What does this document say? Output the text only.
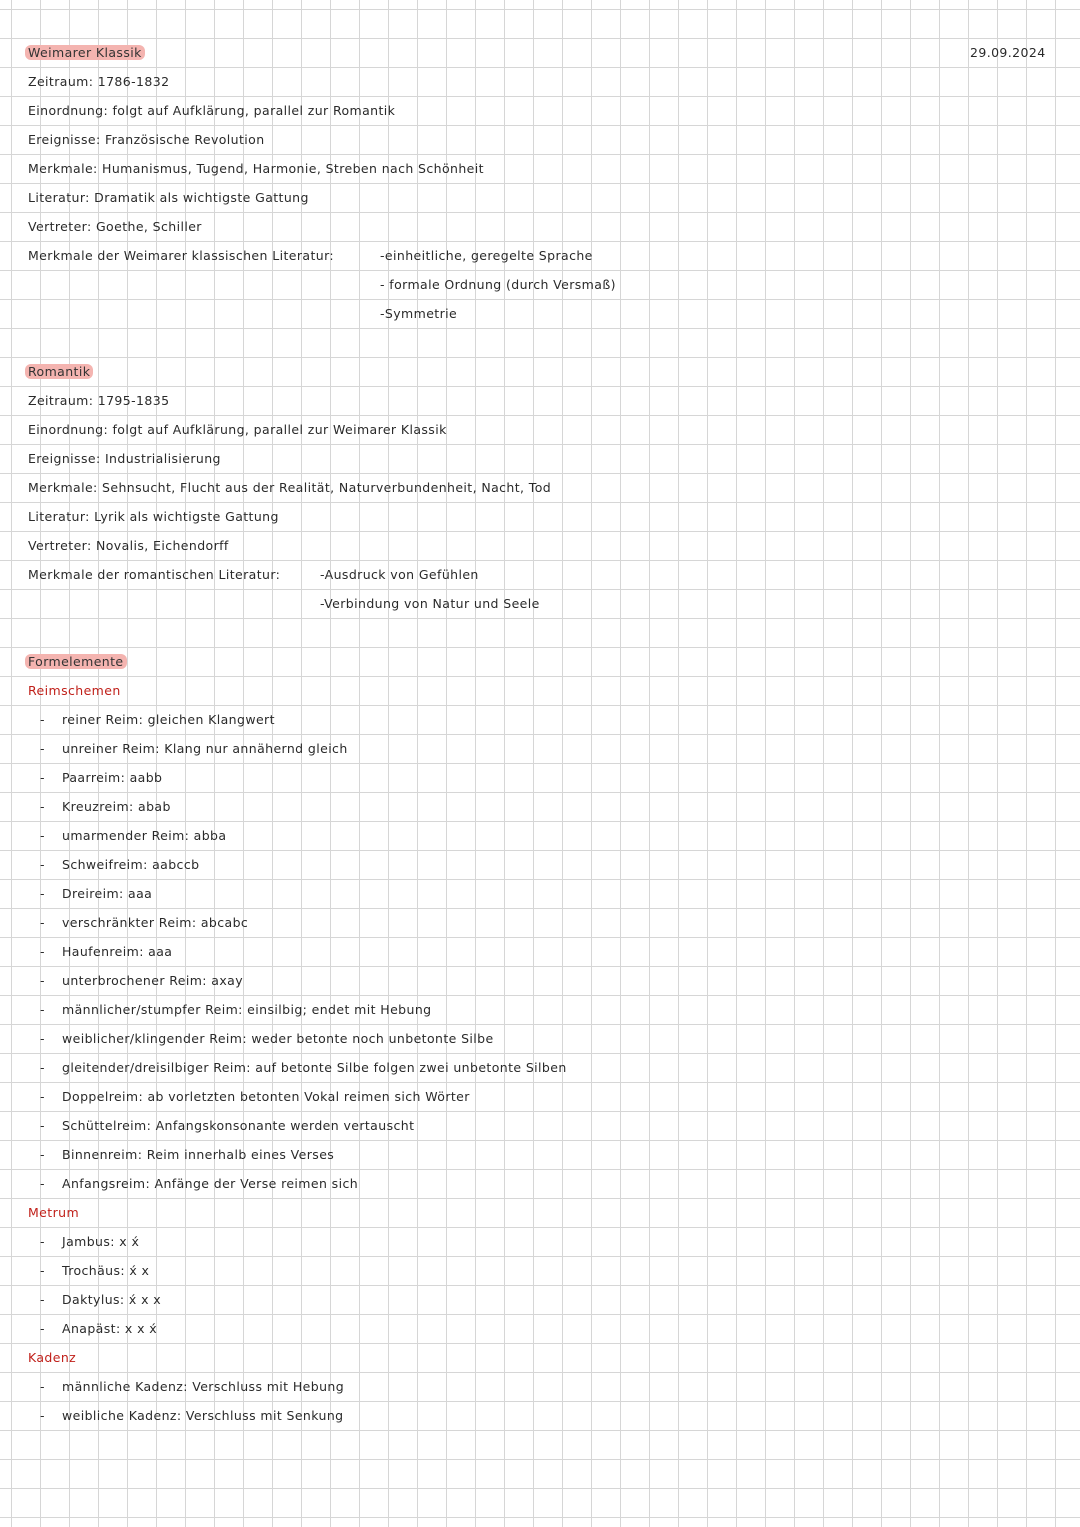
29.09.2024
Weimarer Klassik
Zeitraum: 1786-1832
Einordnung: folgt auf Aufklärung, parallel zur Romantik
Ereignisse: Französische Revolution
Merkmale: Humanismus, Tugend, Harmonie, Streben nach Schönheit
Literatur: Dramatik als wichtigste Gattung
Vertreter: Goethe, Schiller
Merkmale der Weimarer klassischen Literatur:	-einheitliche, geregelte Sprache
- formale Ordnung (durch Versmaß)
-Symmetrie
Romantik
Zeitraum: 1795-1835
Einordnung: folgt auf Aufklärung, parallel zur Weimarer Klassik
Ereignisse: Industrialisierung
Merkmale: Sehnsucht, Flucht aus der Realität, Naturverbundenheit, Nacht, Tod
Literatur: Lyrik als wichtigste Gattung
Vertreter: Novalis, Eichendorff
Merkmale der romantischen Literatur:	-Ausdruck von Gefühlen
-Verbindung von Natur und Seele
Formelemente
Reimschemen
- reiner Reim: gleichen Klangwert
- unreiner Reim: Klang nur annähernd gleich
- Paarreim: aabb
- Kreuzreim: abab
- umarmender Reim: abba
- Schweifreim: aabccb
- Dreireim: aaa
- verschränkter Reim: abcabc
- Haufenreim: aaa
- unterbrochener Reim: axay
- männlicher/stumpfer Reim: einsilbig; endet mit Hebung
- weiblicher/klingender Reim: weder betonte noch unbetonte Silbe
- gleitender/dreisilbiger Reim: auf betonte Silbe folgen zwei unbetonte Silben
- Doppelreim: ab vorletzten betonten Vokal reimen sich Wörter
- Schüttelreim: Anfangskonsonante werden vertauscht
- Binnenreim: Reim innerhalb eines Verses
- Anfangsreim: Anfänge der Verse reimen sich
Metrum
- Jambus: x x́
- Trochäus: x́ x
- Daktylus: x́ x x
- Anapäst: x x x́
Kadenz
- männliche Kadenz: Verschluss mit Hebung
- weibliche Kadenz: Verschluss mit Senkung
